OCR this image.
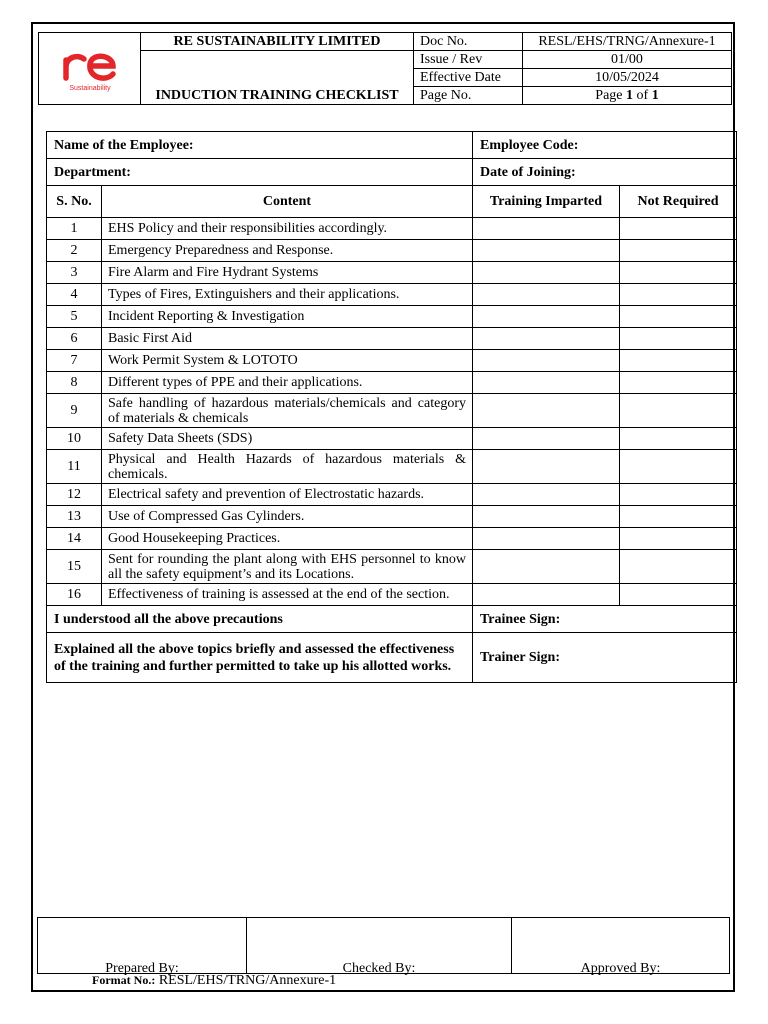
Sustainability	RE SUSTAINABILITY LIMITED	Doc No.	RESL/EHS/TRNG/Annexure-1
	INDUCTION TRAINING CHECKLIST	Issue / Rev	01/00
		Effective Date	10/05/2024
		Page No.	Page 1 of 1
Name of the Employee:		Employee Code:	
Department:		Date of Joining:	
S. No.	Content	Training Imparted	Not Required
1	EHS Policy and their responsibilities accordingly.		
2	Emergency Preparedness and Response.		
3	Fire Alarm and Fire Hydrant Systems		
4	Types of Fires, Extinguishers and their applications.		
5	Incident Reporting & Investigation		
6	Basic First Aid		
7	Work Permit System & LOTOTO		
8	Different types of PPE and their applications.		
9	Safe handling of hazardous materials/chemicals and category of materials & chemicals		
10	Safety Data Sheets (SDS)		
11	Physical and Health Hazards of hazardous materials & chemicals.		
12	Electrical safety and prevention of Electrostatic hazards.		
13	Use of Compressed Gas Cylinders.		
14	Good Housekeeping Practices.		
15	Sent for rounding the plant along with EHS personnel to know all the safety equipment’s and its Locations.		
16	Effectiveness of training is assessed at the end of the section.		
I understood all the above precautions		Trainee Sign:	
Explained all the above topics briefly and assessed the effectiveness of the training and further permitted to take up his allotted works.		Trainer Sign:	
Prepared By:	Checked By:	Approved By:
Format No.: RESL/EHS/TRNG/Annexure-1
